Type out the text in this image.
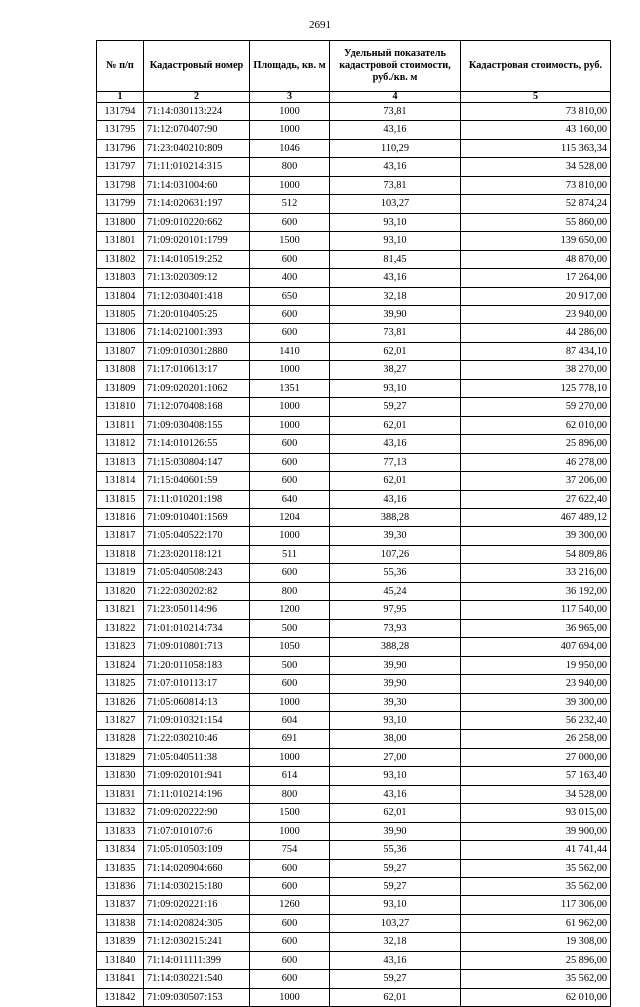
2691
№ п/п	Кадастровый номер	Площадь, кв. м	Удельный показатель кадастровой стоимости, руб./кв. м	Кадастровая стоимость, руб.
1	2	3	4	5
131794	71:14:030113:224	1000	73,81	73 810,00
131795	71:12:070407:90	1000	43,16	43 160,00
131796	71:23:040210:809	1046	110,29	115 363,34
131797	71:11:010214:315	800	43,16	34 528,00
131798	71:14:031004:60	1000	73,81	73 810,00
131799	71:14:020631:197	512	103,27	52 874,24
131800	71:09:010220:662	600	93,10	55 860,00
131801	71:09:020101:1799	1500	93,10	139 650,00
131802	71:14:010519:252	600	81,45	48 870,00
131803	71:13:020309:12	400	43,16	17 264,00
131804	71:12:030401:418	650	32,18	20 917,00
131805	71:20:010405:25	600	39,90	23 940,00
131806	71:14:021001:393	600	73,81	44 286,00
131807	71:09:010301:2880	1410	62,01	87 434,10
131808	71:17:010613:17	1000	38,27	38 270,00
131809	71:09:020201:1062	1351	93,10	125 778,10
131810	71:12:070408:168	1000	59,27	59 270,00
131811	71:09:030408:155	1000	62,01	62 010,00
131812	71:14:010126:55	600	43,16	25 896,00
131813	71:15:030804:147	600	77,13	46 278,00
131814	71:15:040601:59	600	62,01	37 206,00
131815	71:11:010201:198	640	43,16	27 622,40
131816	71:09:010401:1569	1204	388,28	467 489,12
131817	71:05:040522:170	1000	39,30	39 300,00
131818	71:23:020118:121	511	107,26	54 809,86
131819	71:05:040508:243	600	55,36	33 216,00
131820	71:22:030202:82	800	45,24	36 192,00
131821	71:23:050114:96	1200	97,95	117 540,00
131822	71:01:010214:734	500	73,93	36 965,00
131823	71:09:010801:713	1050	388,28	407 694,00
131824	71:20:011058:183	500	39,90	19 950,00
131825	71:07:010113:17	600	39,90	23 940,00
131826	71:05:060814:13	1000	39,30	39 300,00
131827	71:09:010321:154	604	93,10	56 232,40
131828	71:22:030210:46	691	38,00	26 258,00
131829	71:05:040511:38	1000	27,00	27 000,00
131830	71:09:020101:941	614	93,10	57 163,40
131831	71:11:010214:196	800	43,16	34 528,00
131832	71:09:020222:90	1500	62,01	93 015,00
131833	71:07:010107:6	1000	39,90	39 900,00
131834	71:05:010503:109	754	55,36	41 741,44
131835	71:14:020904:660	600	59,27	35 562,00
131836	71:14:030215:180	600	59,27	35 562,00
131837	71:09:020221:16	1260	93,10	117 306,00
131838	71:14:020824:305	600	103,27	61 962,00
131839	71:12:030215:241	600	32,18	19 308,00
131840	71:14:011111:399	600	43,16	25 896,00
131841	71:14:030221:540	600	59,27	35 562,00
131842	71:09:030507:153	1000	62,01	62 010,00
